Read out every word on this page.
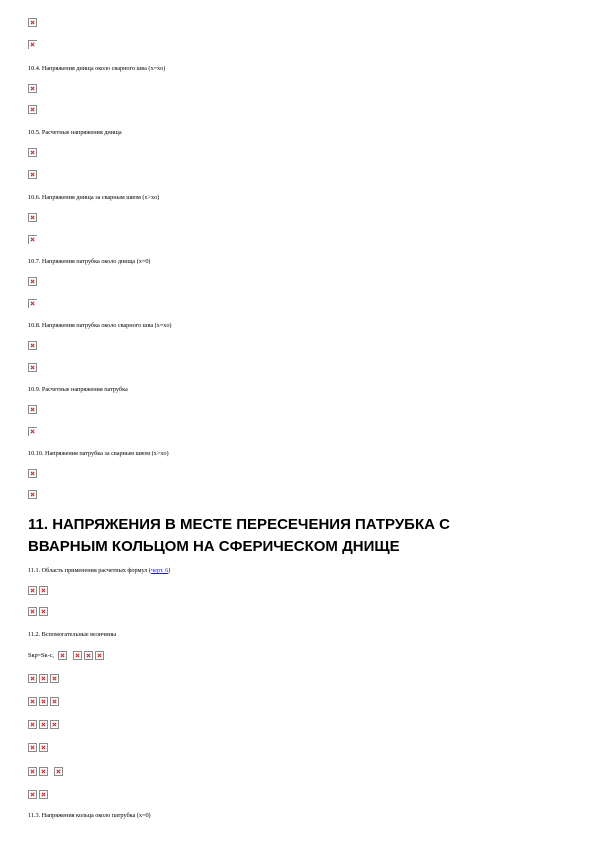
10.4. Напряжения днища около сварного шва (x=xо)
10.5. Расчетные напряжения днища
10.6. Напряжения днища за сварным швом (x>xо)
10.7. Напряжения патрубка около днища (x=0)
10.8. Напряжения патрубка около сварного шва (x=xо)
10.9. Расчетные напряжения патрубка
10.10. Напряжения патрубка за сварным швом (x>xо)
11. НАПРЯЖЕНИЯ В МЕСТЕ ПЕРЕСЕЧЕНИЯ ПАТРУБКА С
ВВАРНЫМ КОЛЬЦОМ НА СФЕРИЧЕСКОМ ДНИЩЕ
11.1. Область применения расчетных формул (черт. 6)
11.2. Вспомогательные величины
Sкp=Sк-c,
11.3. Напряжения кольца около патрубка (x=0)
